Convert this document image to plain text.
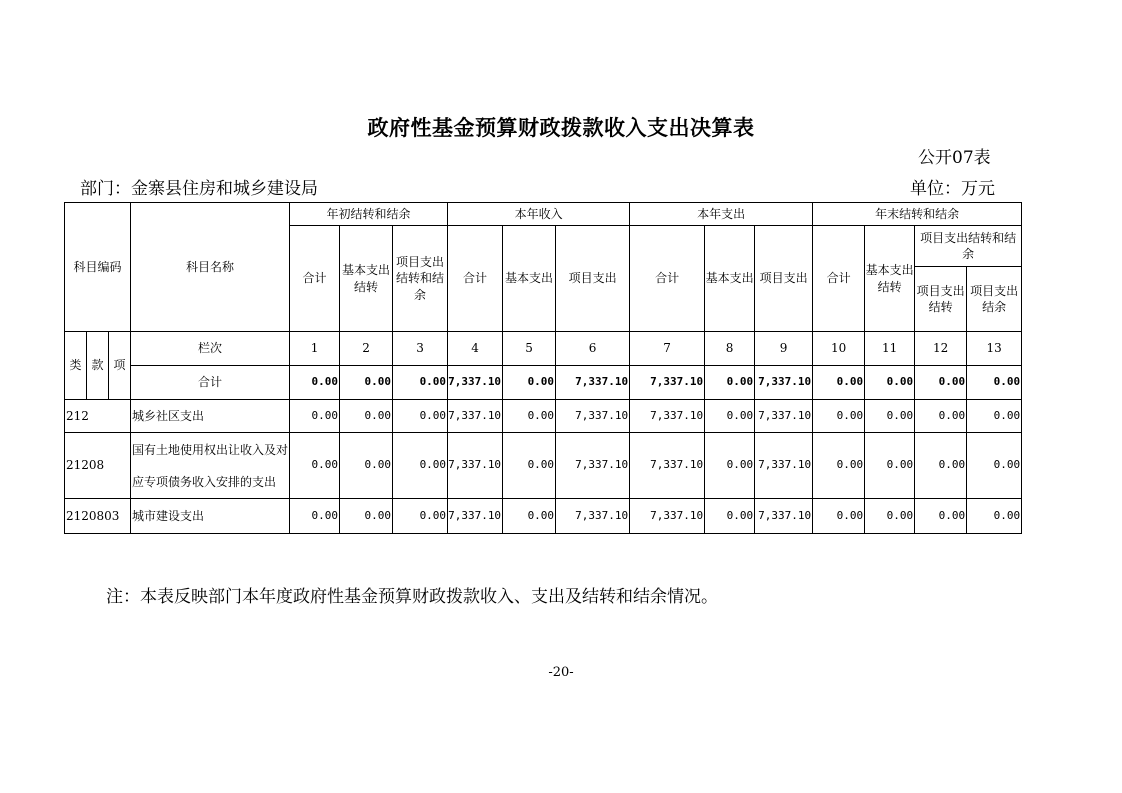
政府性基金预算财政拨款收入支出决算表
公开07表
部门：金寨县住房和城乡建设局	单位：万元
科目编码			科目名称	年初结转和结余			本年收入			本年支出			年末结转和结余			
				合计	基本支出结转	项目支出结转和结余	合计	基本支出	项目支出	合计	基本支出	项目支出	合计	基本支出结转	项目支出结转和结余	
															项目支出结转	项目支出结余
类	款	项	栏次	1	2	3	4	5	6	7	8	9	10	11	12	13
			合计	0.00	0.00	0.00	7,337.10	0.00	7,337.10	7,337.10	0.00	7,337.10	0.00	0.00	0.00	0.00
212			城乡社区支出	0.00	0.00	0.00	7,337.10	0.00	7,337.10	7,337.10	0.00	7,337.10	0.00	0.00	0.00	0.00
21208			国有土地使用权出让收入及对
应专项债务收入安排的支出	0.00	0.00	0.00	7,337.10	0.00	7,337.10	7,337.10	0.00	7,337.10	0.00	0.00	0.00	0.00
2120803			城市建设支出	0.00	0.00	0.00	7,337.10	0.00	7,337.10	7,337.10	0.00	7,337.10	0.00	0.00	0.00	0.00
注：本表反映部门本年度政府性基金预算财政拨款收入、支出及结转和结余情况。
-20-
